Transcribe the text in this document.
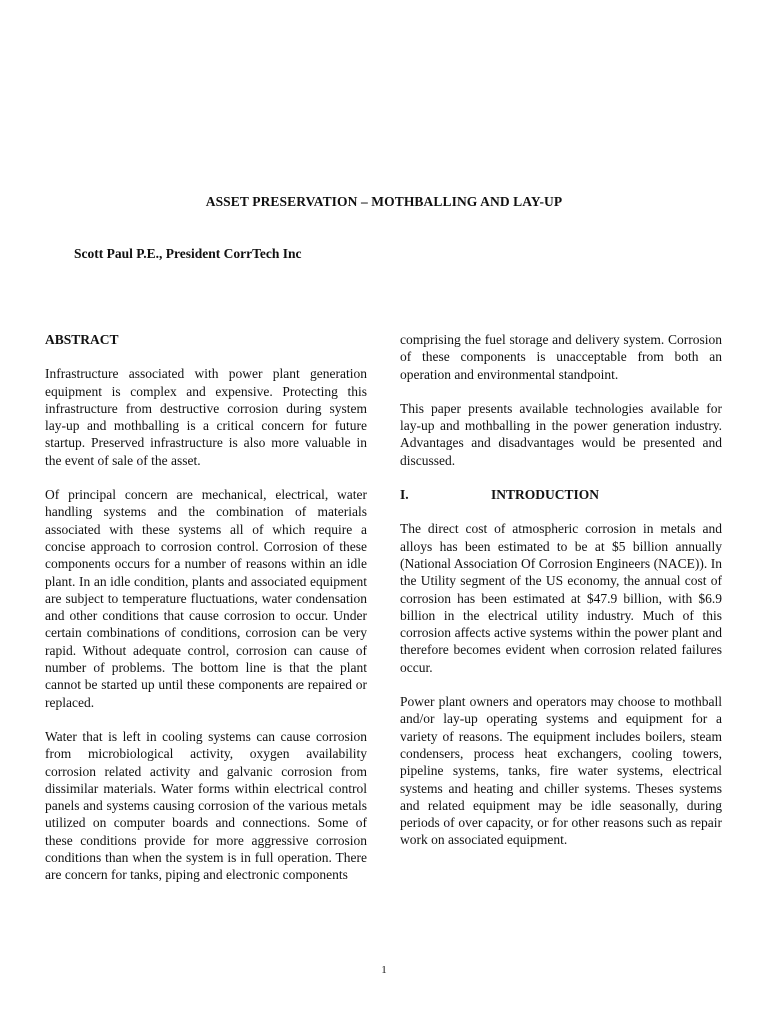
ASSET PRESERVATION – MOTHBALLING AND LAY-UP
Scott Paul P.E., President CorrTech Inc
ABSTRACT

Infrastructure associated with power plant generation equipment is complex and expensive. Protecting this infrastructure from destructive corrosion during system lay-up and mothballing is a critical concern for future startup. Preserved infrastructure is also more valuable in the event of sale of the asset.

Of principal concern are mechanical, electrical, water handling systems and the combination of materials associated with these systems all of which require a concise approach to corrosion control. Corrosion of these components occurs for a number of reasons within an idle plant. In an idle condition, plants and associated equipment are subject to temperature fluctuations, water condensation and other conditions that cause corrosion to occur. Under certain combinations of conditions, corrosion can be very rapid. Without adequate control, corrosion can cause of number of problems. The bottom line is that the plant cannot be started up until these components are repaired or replaced.

Water that is left in cooling systems can cause corrosion from microbiological activity, oxygen availability corrosion related activity and galvanic corrosion from dissimilar materials. Water forms within electrical control panels and systems causing corrosion of the various metals utilized on computer boards and connections. Some of these conditions provide for more aggressive corrosion conditions than when the system is in full operation. There are concern for tanks, piping and electronic components

comprising the fuel storage and delivery system. Corrosion of these components is unacceptable from both an operation and environmental standpoint.

This paper presents available technologies available for lay-up and mothballing in the power generation industry. Advantages and disadvantages would be presented and discussed.

I.	INTRODUCTION

The direct cost of atmospheric corrosion in metals and alloys has been estimated to be at $5 billion annually (National Association Of Corrosion Engineers (NACE)). In the Utility segment of the US economy, the annual cost of corrosion has been estimated at $47.9 billion, with $6.9 billion in the electrical utility industry. Much of this corrosion affects active systems within the power plant and therefore becomes evident when corrosion related failures occur.

Power plant owners and operators may choose to mothball and/or lay-up operating systems and equipment for a variety of reasons. The equipment includes boilers, steam condensers, process heat exchangers, cooling towers, pipeline systems, tanks, fire water systems, electrical systems and heating and chiller systems. Theses systems and related equipment may be idle seasonally, during periods of over capacity, or for other reasons such as repair work on associated equipment.

1
